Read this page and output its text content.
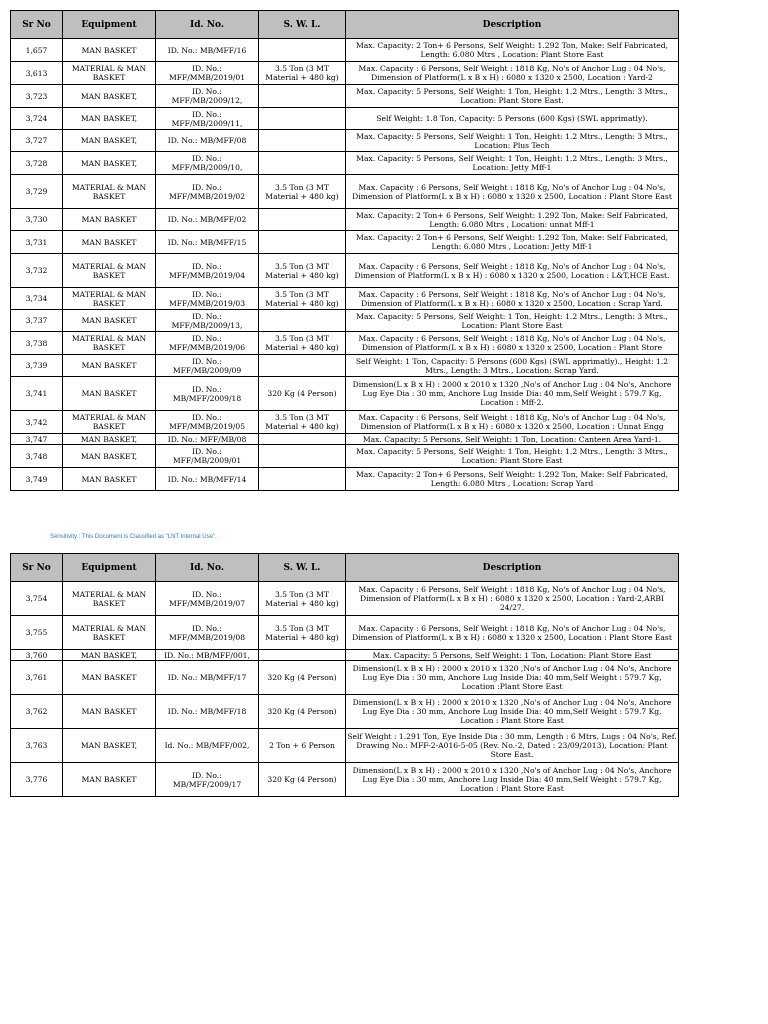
Sr No	Equipment	Id. No.	S. W. L.	Description
1,657	MAN BASKET	ID. No.: MB/MFF/16		Max. Capacity: 2 Ton+ 6 Persons, Self Weight: 1.292 Ton, Make: Self Fabricated, Length: 6.080 Mtrs , Location: Plant Store East
3,613	MATERIAL & MAN BASKET	ID. No.: MFF/MMB/2019/01	3.5 Ton (3 MT Material + 480 kg)	Max. Capacity : 6 Persons, Self Weight : 1818 Kg, No's of Anchor Lug : 04 No's, Dimension of Platform(L x B x H) : 6080 x 1320 x 2500, Location : Yard-2
3,723	MAN BASKET,	ID. No.: MFF/MB/2009/12,		Max. Capacity: 5 Persons, Self Weight: 1 Ton, Height: 1.2 Mtrs., Length: 3 Mtrs., Location: Plant Store East.
3,724	MAN BASKET,	ID. No.: MFF/MB/2009/11,		Self Weight: 1.8 Ton, Capacity: 5 Persons (600 Kgs) (SWL apprimatly).
3,727	MAN BASKET,	ID. No.: MB/MFF/08		Max. Capacity: 5 Persons, Self Weight: 1 Ton, Height: 1.2 Mtrs., Length: 3 Mtrs., Location: Plus Tech
3,728	MAN BASKET,	ID. No.: MFF/MB/2009/10,		Max. Capacity: 5 Persons, Self Weight: 1 Ton, Height: 1.2 Mtrs., Length: 3 Mtrs., Location: Jetty Mff-1
3,729	MATERIAL & MAN BASKET	ID. No.: MFF/MMB/2019/02	3.5 Ton (3 MT Material + 480 kg)	Max. Capacity : 6 Persons, Self Weight : 1818 Kg, No's of Anchor Lug : 04 No's, Dimension of Platform(L x B x H) : 6080 x 1320 x 2500, Location : Plant Store East
3,730	MAN BASKET	ID. No.: MB/MFF/02		Max. Capacity: 2 Ton+ 6 Persons, Self Weight: 1.292 Ton, Make: Self Fabricated, Length: 6.080 Mtrs , Location: unnat Mff-1
3,731	MAN BASKET	ID. No.: MB/MFF/15		Max. Capacity: 2 Ton+ 6 Persons, Self Weight: 1.292 Ton, Make: Self Fabricated, Length: 6.080 Mtrs , Location: Jetty Mff-1
3,732	MATERIAL & MAN BASKET	ID. No.: MFF/MMB/2019/04	3.5 Ton (3 MT Material + 480 kg)	Max. Capacity : 6 Persons, Self Weight : 1818 Kg, No's of Anchor Lug : 04 No's, Dimension of Platform(L x B x H) : 6080 x 1320 x 2500, Location : L&T,HCE East.
3,734	MATERIAL & MAN BASKET	ID. No.: MFF/MMB/2019/03	3.5 Ton (3 MT Material + 480 kg)	Max. Capacity : 6 Persons, Self Weight : 1818 Kg, No's of Anchor Lug : 04 No's, Dimension of Platform(L x B x H) : 6080 x 1320 x 2500, Location : Scrap Yard.
3,737	MAN BASKET	ID. No.: MFF/MB/2009/13,		Max. Capacity: 5 Persons, Self Weight: 1 Ton, Height: 1.2 Mtrs., Length: 3 Mtrs., Location: Plant Store East
3,738	MATERIAL & MAN BASKET	ID. No.: MFF/MMB/2019/06	3.5 Ton (3 MT Material + 480 kg)	Max. Capacity : 6 Persons, Self Weight : 1818 Kg, No's of Anchor Lug : 04 No's, Dimension of Platform(L x B x H) : 6080 x 1320 x 2500, Location : Plant Store
3,739	MAN BASKET	ID. No.: MFF/MB/2009/09		Self Weight: 1 Ton, Capacity: 5 Persons (600 Kgs) (SWL apprimatly)., Height: 1.2 Mtrs., Length: 3 Mtrs., Location: Scrap Yard.
3,741	MAN BASKET	ID. No.: MB/MFF/2009/18	320 Kg (4 Person)	Dimension(L x B x H) : 2000 x 2010 x 1320 ,No's of Anchor Lug : 04 No's, Anchore Lug Eye Dia : 30 mm, Anchore Lug Inside Dia: 40 mm,Self Weight : 579.7 Kg, Location : Mff-2.
3,742	MATERIAL & MAN BASKET	ID. No.: MFF/MMB/2019/05	3.5 Ton (3 MT Material + 480 kg)	Max. Capacity : 6 Persons, Self Weight : 1818 Kg, No's of Anchor Lug : 04 No's, Dimension of Platform(L x B x H) : 6080 x 1320 x 2500, Location : Unnat Engg
3,747	MAN BASKET,	ID. No.: MFF/MB/08		Max. Capacity: 5 Persons, Self Weight: 1 Ton, Location: Canteen Area Yard-1.
3,748	MAN BASKET,	ID. No.: MFF/MB/2009/01		Max. Capacity: 5 Persons, Self Weight: 1 Ton, Height: 1.2 Mtrs., Length: 3 Mtrs., Location: Plant Store East
3,749	MAN BASKET	ID. No.: MB/MFF/14		Max. Capacity: 2 Ton+ 6 Persons, Self Weight: 1.292 Ton, Make: Self Fabricated, Length: 6.080 Mtrs , Location: Scrap Yard
Sensitivity : This Document is Classified as "LNT Internal Use".
Sr No	Equipment	Id. No.	S. W. L.	Description
3,754	MATERIAL & MAN BASKET	ID. No.: MFF/MMB/2019/07	3.5 Ton (3 MT Material + 480 kg)	Max. Capacity : 6 Persons, Self Weight : 1818 Kg, No's of Anchor Lug : 04 No's, Dimension of Platform(L x B x H) : 6080 x 1320 x 2500, Location : Yard-2,ARBI 24/27.
3,755	MATERIAL & MAN BASKET	ID. No.: MFF/MMB/2019/08	3.5 Ton (3 MT Material + 480 kg)	Max. Capacity : 6 Persons, Self Weight : 1818 Kg, No's of Anchor Lug : 04 No's, Dimension of Platform(L x B x H) : 6080 x 1320 x 2500, Location : Plant Store East
3,760	MAN BASKET,	ID. No.: MB/MFF/001,		Max. Capacity: 5 Persons, Self Weight: 1 Ton, Location: Plant Store East
3,761	MAN BASKET	ID. No.: MB/MFF/17	320 Kg (4 Person)	Dimension(L x B x H) : 2000 x 2010 x 1320 ,No's of Anchor Lug : 04 No's, Anchore Lug Eye Dia : 30 mm, Anchore Lug Inside Dia: 40 mm,Self Weight : 579.7 Kg, Location :Plant Store East
3,762	MAN BASKET	ID. No.: MB/MFF/18	320 Kg (4 Person)	Dimension(L x B x H) : 2000 x 2010 x 1320 ,No's of Anchor Lug : 04 No's, Anchore Lug Eye Dia : 30 mm, Anchore Lug Inside Dia: 40 mm,Self Weight : 579.7 Kg, Location : Plant Store East
3,763	MAN BASKET,	Id. No.: MB/MFF/002,	2 Ton + 6 Person	Self Weight : 1.291 Ton, Eye Inside Dia : 30 mm, Length : 6 Mtrs, Lugs : 04 No's, Ref. Drawing No.: MFF-2-A016-5-05 (Rev. No.-2, Dated : 23/09/2013), Location: Plant Store East.
3,776	MAN BASKET	ID. No.: MB/MFF/2009/17	320 Kg (4 Person)	Dimension(L x B x H) : 2000 x 2010 x 1320 ,No's of Anchor Lug : 04 No's, Anchore Lug Eye Dia : 30 mm, Anchore Lug Inside Dia: 40 mm,Self Weight : 579.7 Kg, Location : Plant Store East
